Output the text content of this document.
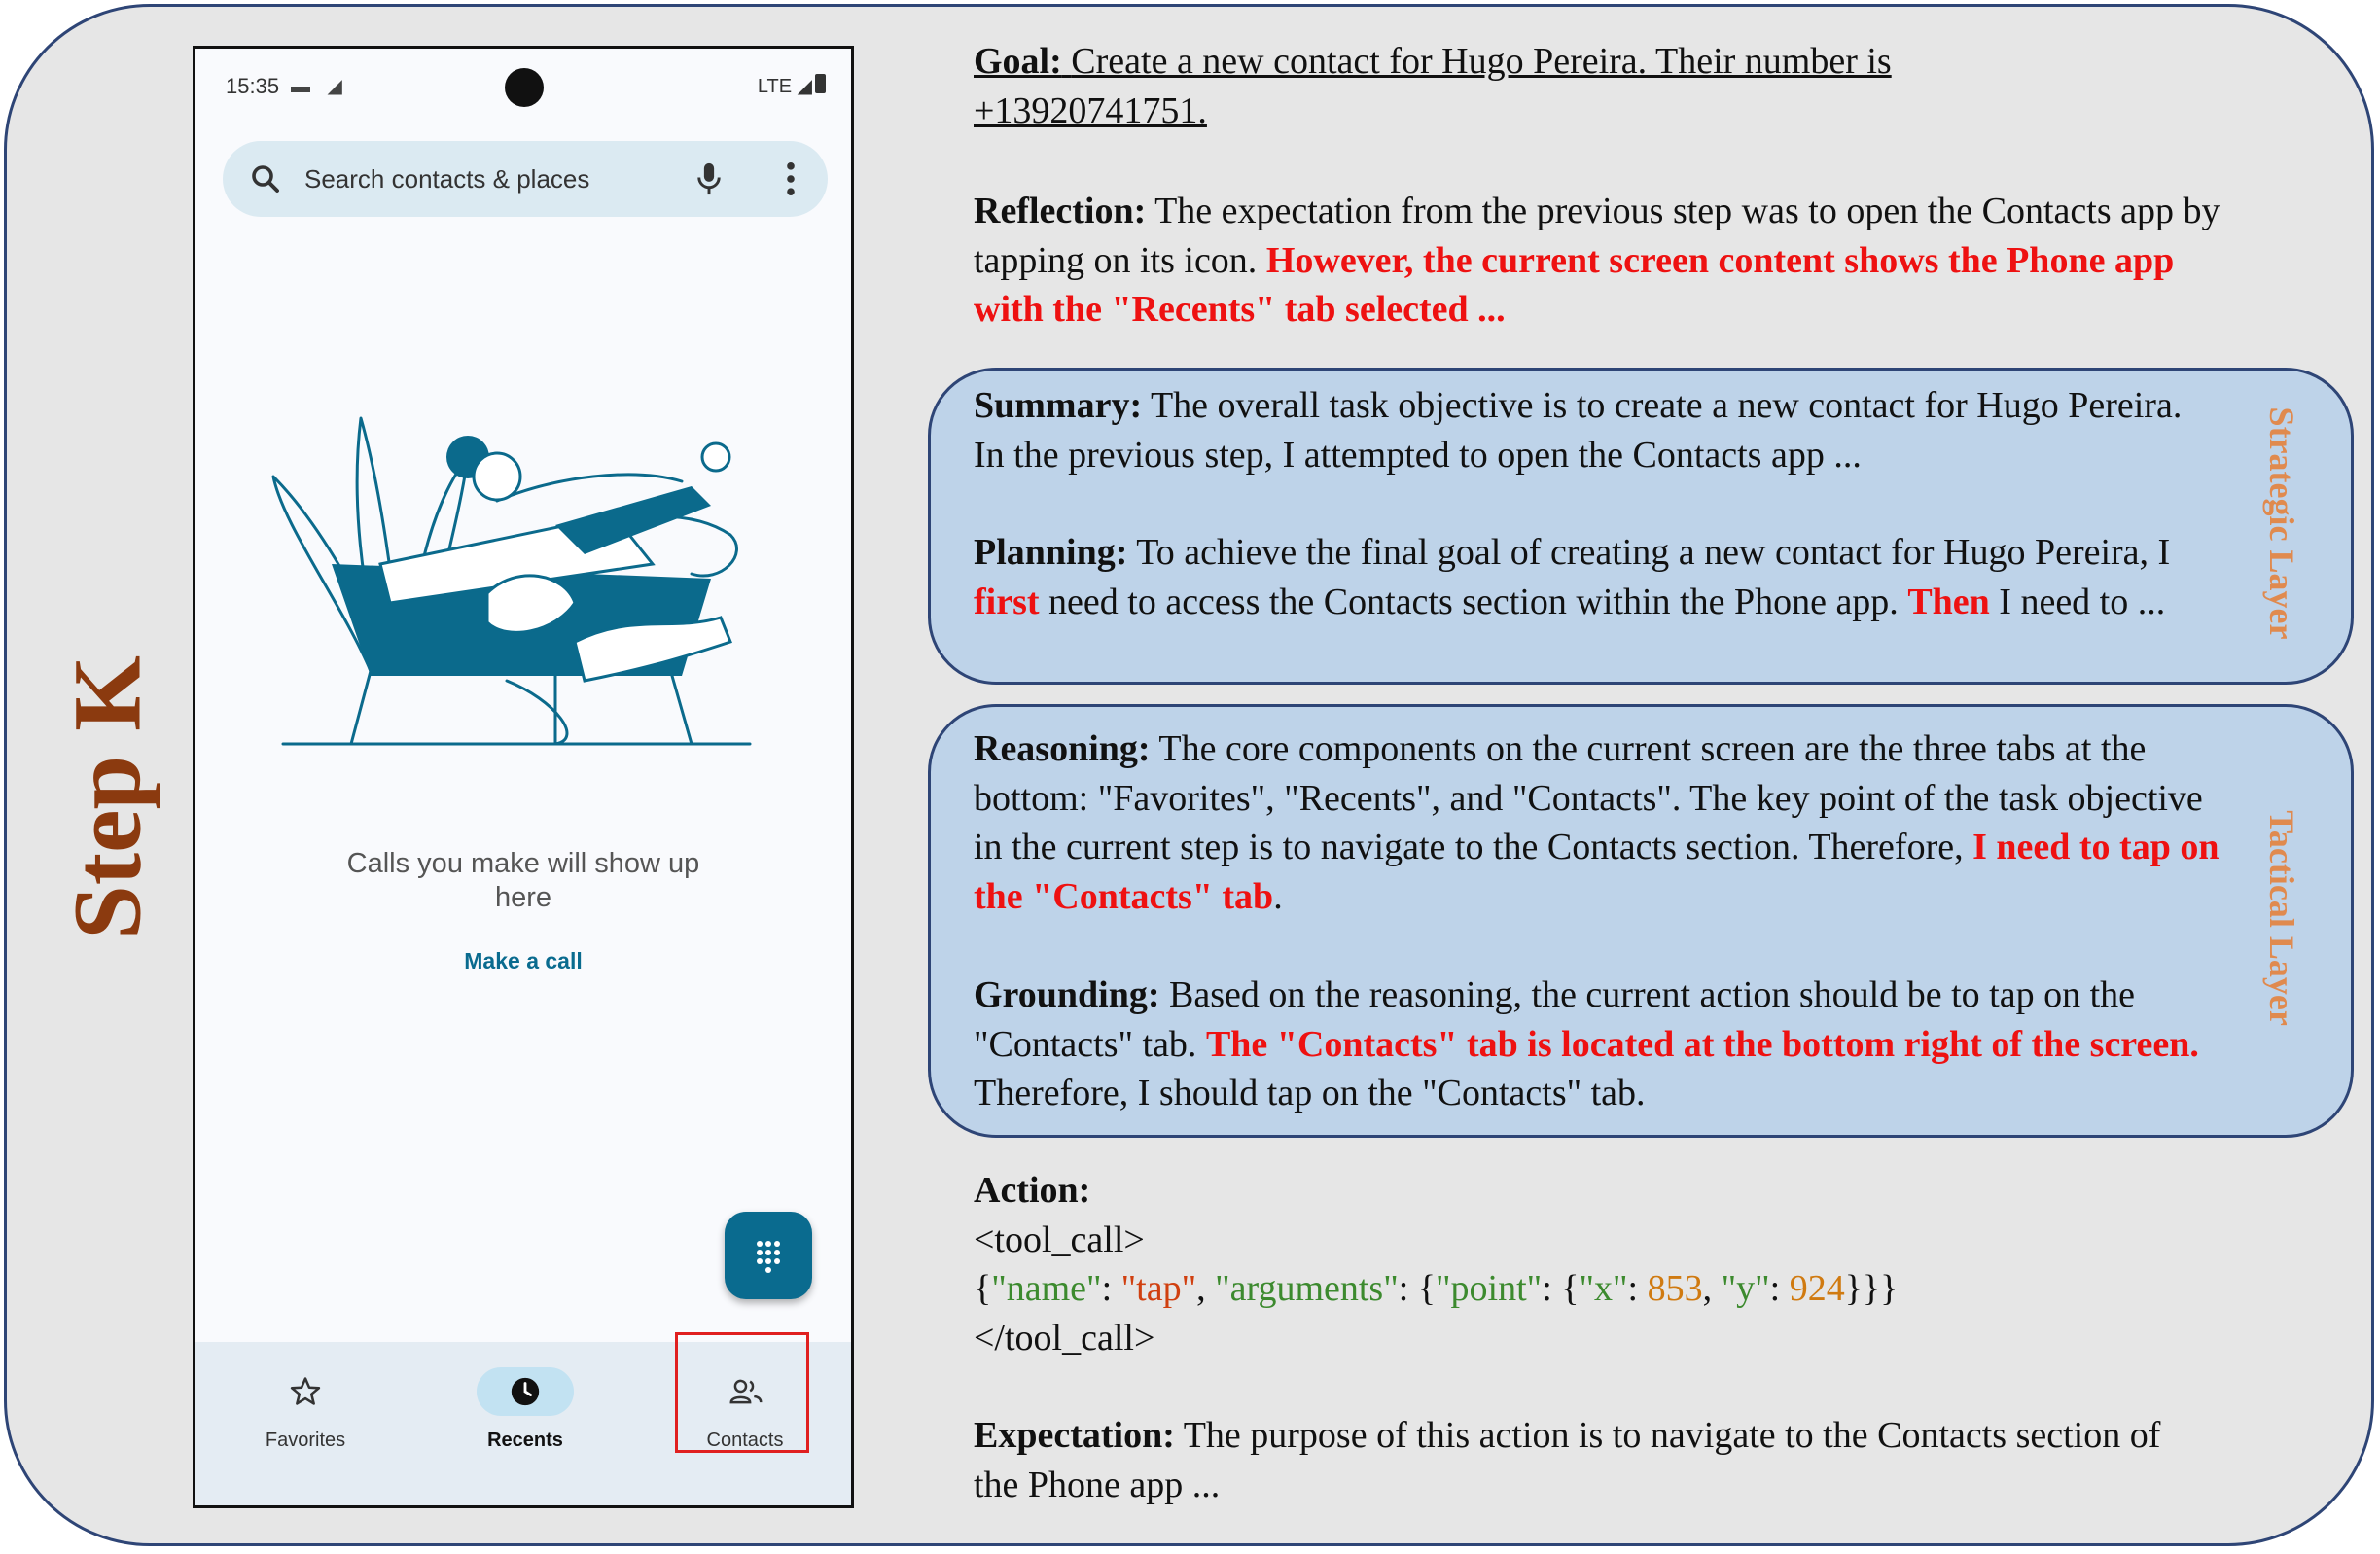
Step K
15:35 ▬ ◢	LTE ◢
Search contacts & places
Calls you make will show up
here
Make a call
Favorites	Recents	Contacts
Goal: Create a new contact for Hugo Pereira. Their number is +13920741751.
Reflection: The expectation from the previous step was to open the Contacts app by tapping on its icon. However, the current screen content shows the Phone app with the "Recents" tab selected ...
Strategic Layer
Summary: The overall task objective is to create a new contact for Hugo Pereira. In the previous step, I attempted to open the Contacts app ...
Planning: To achieve the final goal of creating a new contact for Hugo Pereira, I first need to access the Contacts section within the Phone app. Then I need to ...
Tactical Layer
Reasoning: The core components on the current screen are the three tabs at the bottom: "Favorites", "Recents", and "Contacts". The key point of the task objective in the current step is to navigate to the Contacts section. Therefore, I need to tap on the "Contacts" tab.
Grounding: Based on the reasoning, the current action should be to tap on the "Contacts" tab. The "Contacts" tab is located at the bottom right of the screen. Therefore, I should tap on the "Contacts" tab.
Action:
<tool_call>
{"name": "tap", "arguments": {"point": {"x": 853, "y": 924}}}
</tool_call>
Expectation: The purpose of this action is to navigate to the Contacts section of the Phone app ...
